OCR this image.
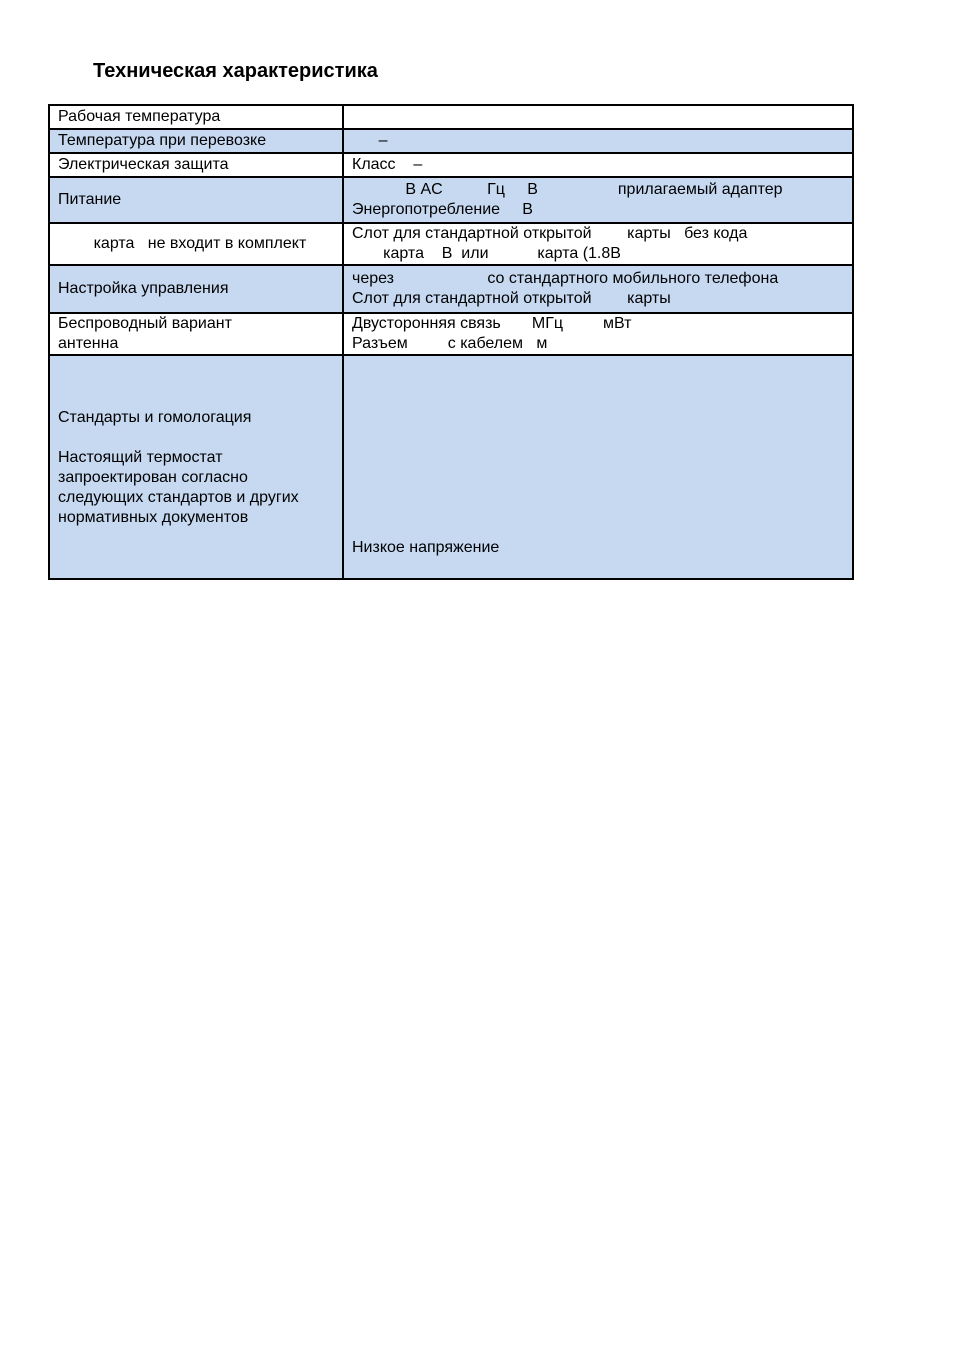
Техническая характеристика
Рабочая температура	
Температура при перевозке	–
Электрическая защита	Класс    –
Питание	В AC          Гц     В                  прилагаемый адаптер
Энергопотребление     В

карта   не входит в комплект	Слот для стандартной открытой        карты   без кода
карта    В  или           карта (1.8В

Настройка управления	через                     со стандартного мобильного телефона
Слот для стандартной открытой        карты

Беспроводный вариант
антенна	Двусторонняя связь       МГц         мВт
Разъем         с кабелем   м

Стандарты и гомологация
Настоящий термостат
запроектирован согласно
следующих стандартов и других
нормативных документов	Низкое напряжение
